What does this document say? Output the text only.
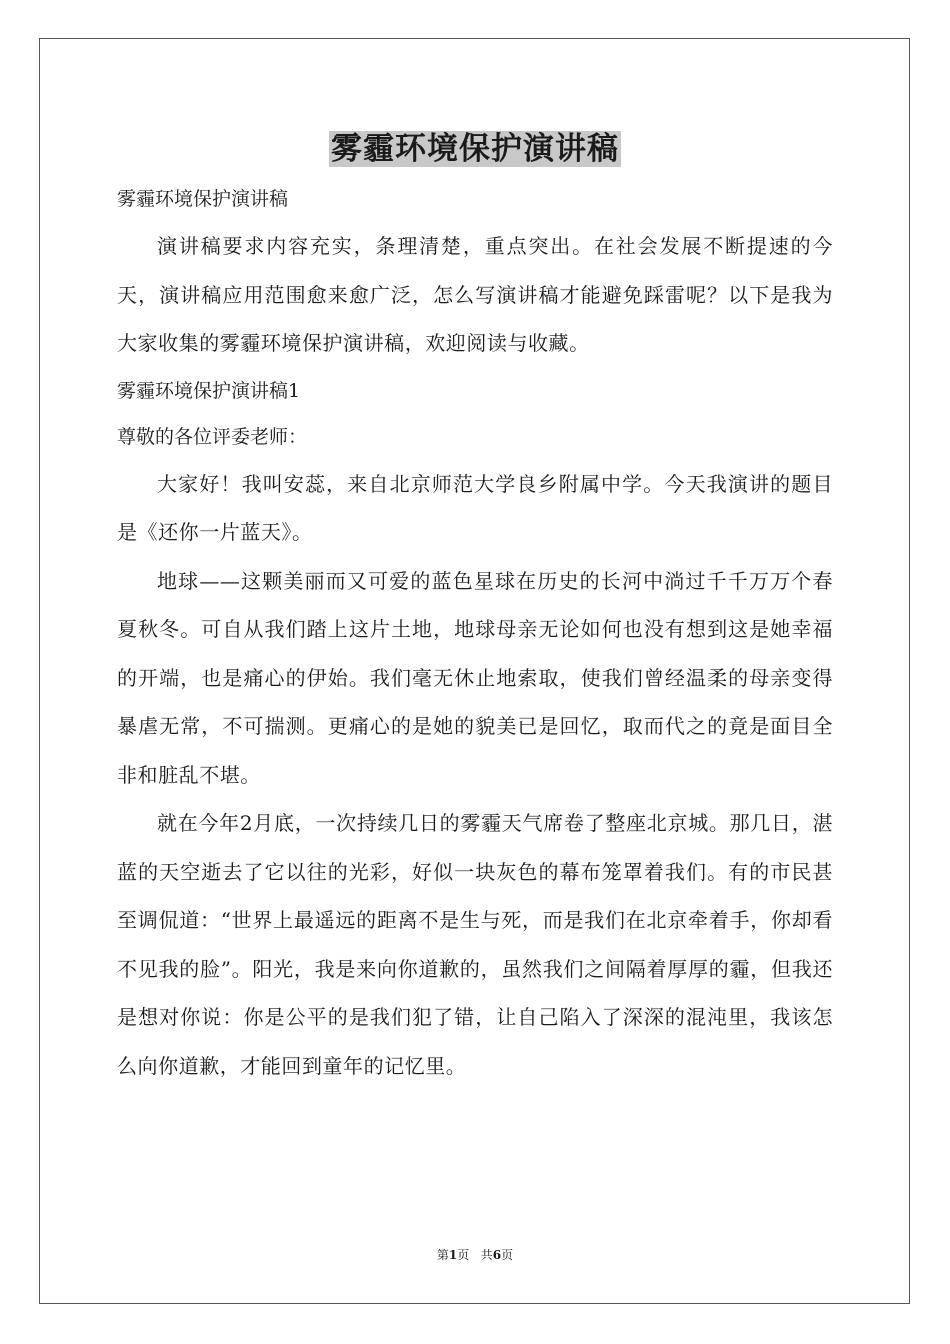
雾霾环境保护演讲稿

雾霾环境保护演讲稿

演讲稿要求内容充实，条理清楚，重点突出。在社会发展不断提速的今天，演讲稿应用范围愈来愈广泛，怎么写演讲稿才能避免踩雷呢？以下是我为大家收集的雾霾环境保护演讲稿，欢迎阅读与收藏。

雾霾环境保护演讲稿1

尊敬的各位评委老师：

大家好！我叫安蕊，来自北京师范大学良乡附属中学。今天我演讲的题目是《还你一片蓝天》。

地球——这颗美丽而又可爱的蓝色星球在历史的长河中淌过千千万万个春夏秋冬。可自从我们踏上这片土地，地球母亲无论如何也没有想到这是她幸福的开端，也是痛心的伊始。我们毫无休止地索取，使我们曾经温柔的母亲变得暴虐无常，不可揣测。更痛心的是她的貌美已是回忆，取而代之的竟是面目全非和脏乱不堪。

就在今年2月底，一次持续几日的雾霾天气席卷了整座北京城。那几日，湛蓝的天空逝去了它以往的光彩，好似一块灰色的幕布笼罩着我们。有的市民甚至调侃道：“世界上最遥远的距离不是生与死，而是我们在北京牵着手，你却看不见我的脸”。阳光，我是来向你道歉的，虽然我们之间隔着厚厚的霾，但我还是想对你说：你是公平的是我们犯了错，让自己陷入了深深的混沌里，我该怎么向你道歉，才能回到童年的记忆里。

第1页 共6页
